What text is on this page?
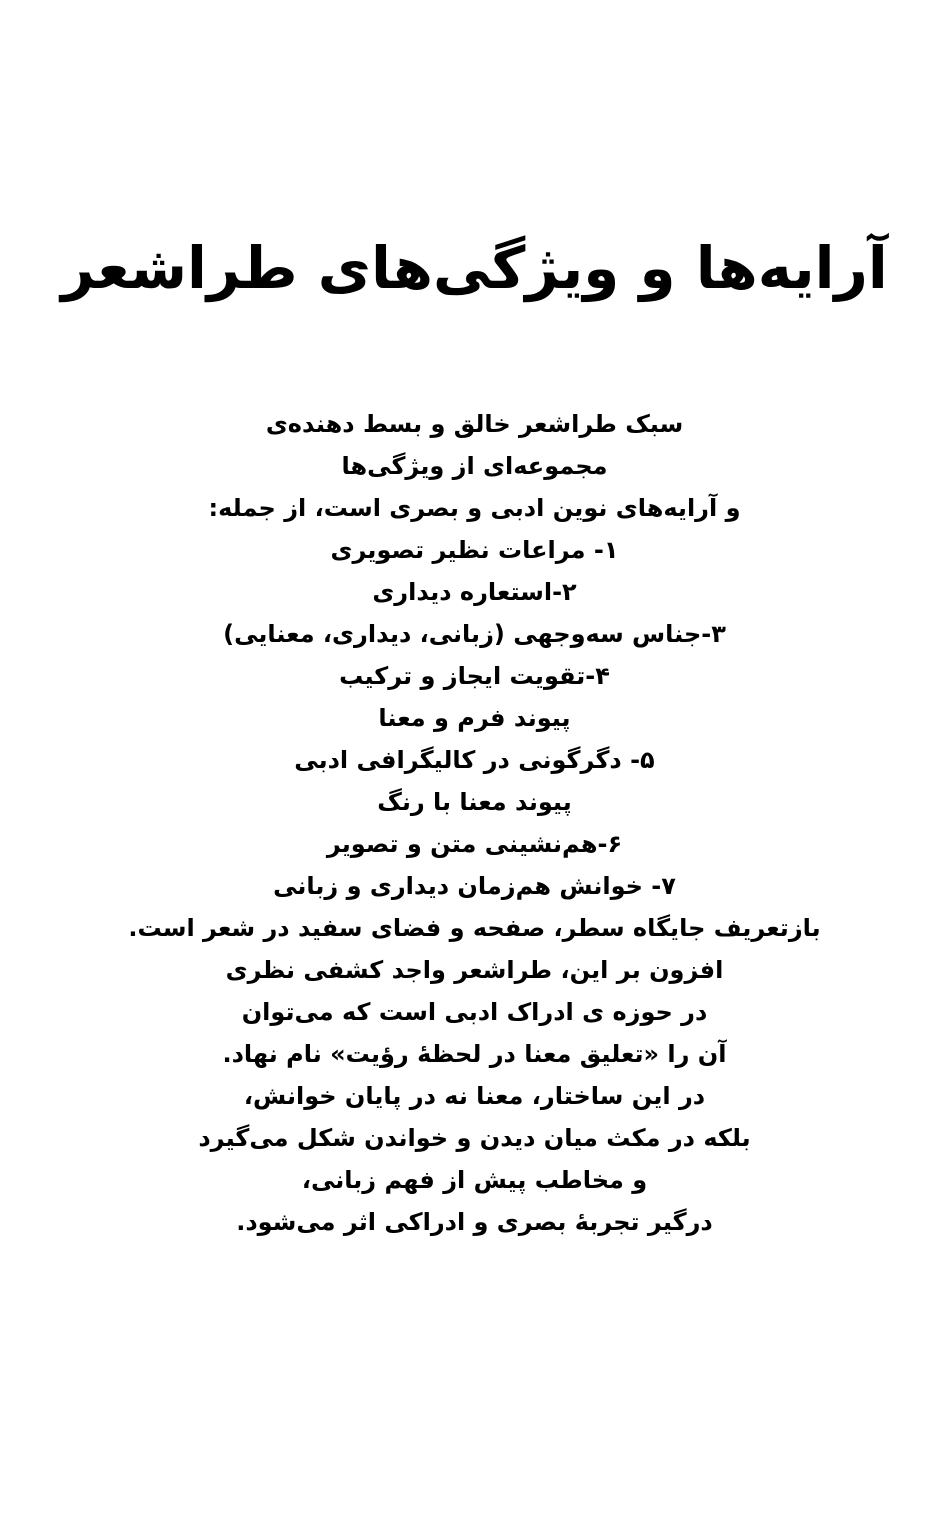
آرایه‌ها و ویژگی‌های طراشعر
سبک طراشعر خالق و بسط دهنده‌ی
مجموعه‌ای از ویژگی‌ها
و آرایه‌های نوین ادبی و بصری است، از جمله:
۱- مراعات نظیر تصویری
۲-استعاره دیداری
۳-جناس سه‌وجهی (زبانی، دیداری، معنایی)
۴-تقویت ایجاز و ترکیب
پیوند فرم و معنا
۵- دگرگونی در کالیگرافی ادبی
پیوند معنا با رنگ
۶-هم‌نشینی متن و تصویر
۷- خوانش هم‌زمان دیداری و زبانی
بازتعریف جایگاه سطر، صفحه و فضای سفید در شعر است.
افزون بر این، طراشعر واجد کشفی نظری
در حوزه ی ادراک ادبی است که می‌توان
آن را «تعلیق معنا در لحظهٔ رؤیت» نام نهاد.
در این ساختار، معنا نه در پایان خوانش،
بلکه در مکث میان دیدن و خواندن شکل می‌گیرد
و مخاطب پیش از فهم زبانی،
درگیر تجربهٔ بصری و ادراکی اثر می‌شود.
